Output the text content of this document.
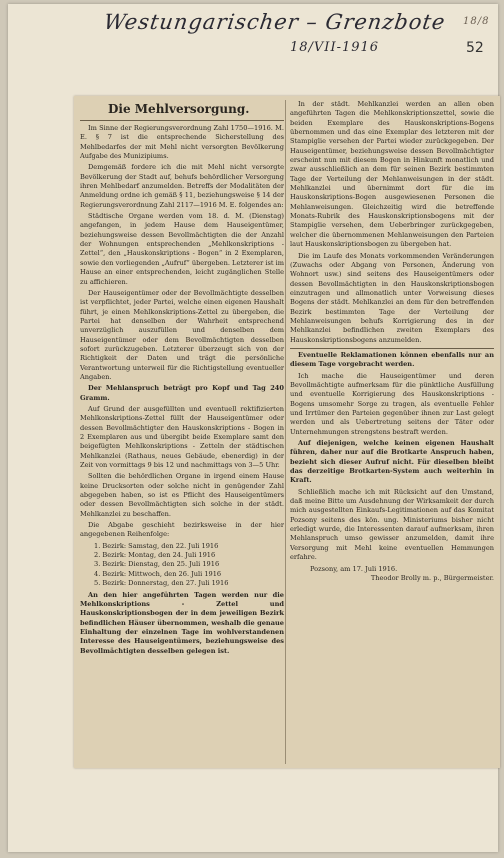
Westungarischer – Grenzbote
18/VII-1916
18/8
52
Die Mehlversorgung.

Im Sinne der Regierungsverordnung Zahl 1750—1916. M. E. § 7 ist die entsprechende Sicherstellung des Mehlbedarfes der mit Mehl nicht versorgten Bevölkerung Aufgabe des Munizipiums.

Demgemäß fordere ich die mit Mehl nicht versorgte Bevölkerung der Stadt auf, behufs behördlicher Versorgung ihren Mehlbedarf anzumelden. Betreffs der Modalitäten der Anmeldung ordne ich gemäß § 11, beziehungsweise § 14 der Regierungsverordnung Zahl 2117—1916 M. E. folgendes an:

Städtische Organe werden vom 18. d. M. (Dienstag) angefangen, in jedem Hause dem Hauseigentümer, beziehungsweise dessen Bevollmächtigten die der Anzahl der Wohnungen entsprechenden „Mehlkonskriptions - Zettel“, den „Hauskonskriptions - Bogen“ in 2 Exemplaren, sowie den vorliegenden „Aufruf“ übergeben. Letzterer ist im Hause an einer entsprechenden, leicht zugänglichen Stelle zu affichieren.

Der Hauseigentümer oder der Bevollmächtigte desselben ist verpflichtet, jeder Partei, welche einen eigenen Haushalt führt, je einen Mehlkonskriptions-Zettel zu übergeben, die Partei hat denselben der Wahrheit entsprechend unverzüglich auszufüllen und denselben dem Hauseigentümer oder dem Bevollmächtigten desselben sofort zurückzugeben. Letzterer überzeugt sich von der Richtigkeit der Daten und trägt die persönliche Verantwortung unterweil für die Richtigstellung eventueller Angaben.

Der Mehlanspruch beträgt pro Kopf und Tag 240 Gramm.

Auf Grund der ausgefüllten und eventuell rektifizierten Mehlkonskriptions-Zettel füllt der Hauseigentümer oder dessen Bevollmächtigter den Hauskonskriptions - Bogen in 2 Exemplaren aus und übergibt beide Exemplare samt den beigefügten Mehlkonskriptions - Zetteln der städtischen Mehlkanzlei (Rathaus, neues Gebäude, ebenerdig) in der Zeit von vormittags 9 bis 12 und nachmittags von 3—5 Uhr.

Sollten die behördlichen Organe in irgend einem Hause keine Drucksorten oder solche nicht in genügender Zahl abgegeben haben, so ist es Pflicht des Hauseigentümers oder dessen Bevollmächtigten sich solche in der städt. Mehlkanzlei zu beschaffen.

Die Abgabe geschieht bezirksweise in der hier angegebenen Reihenfolge:

1. Bezirk: Samstag, den 22. Juli 1916
2. Bezirk: Montag, den 24. Juli 1916
3. Bezirk: Dienstag, den 25. Juli 1916
4. Bezirk: Mittwoch, den 26. Juli 1916
5. Bezirk: Donnerstag, den 27. Juli 1916

An den hier angeführten Tagen werden nur die Mehlkonskriptions - Zettel und Hauskonskriptionsbogen der in dem jeweiligen Bezirk befindlichen Häuser übernommen, weshalb die genaue Einhaltung der einzelnen Tage im wohlverstandenen Interesse des Hauseigentümers, beziehungsweise des Bevollmächtigten desselben gelegen ist.

In der städt. Mehlkanzlei werden an allen oben angeführten Tagen die Mehlkonskriptionszettel, sowie die beiden Exemplare des Hauskonskriptions-Bogens übernommen und das eine Exemplar des letzteren mit der Stampiglie versehen der Partei wieder zurückgegeben. Der Hauseigentümer, beziehungsweise dessen Bevollmächtigter erscheint nun mit diesem Bogen in Hinkunft monatlich und zwar ausschließlich an dem für seinen Bezirk bestimmten Tage der Verteilung der Mehlanweisungen in der städt. Mehlkanzlei und übernimmt dort für die im Hauskonskriptions-Bogen ausgewiesenen Personen die Mehlanweisungen. Gleichzeitig wird die betreffende Monats-Rubrik des Hauskonskriptionsbogens mit der Stampiglie versehen, dem Ueberbringer zurückgegeben, welcher die übernommenen Mehlanweisungen den Parteien laut Hauskonskriptionsbogen zu übergeben hat.

Die im Laufe des Monats vorkommenden Veränderungen (Zuwachs oder Abgang von Personen, Änderung von Wohnort usw.) sind seitens des Hauseigentümers oder dessen Bevollmächtigten in den Hauskonskriptionsbogen einzutragen und allmonatlich unter Vorweisung dieses Bogens der städt. Mehlkanzlei an dem für den betreffenden Bezirk bestimmten Tage der Verteilung der Mehlanweisungen behufs Korrigierung des in der Mehlkanzlei befindlichen zweiten Exemplars des Hauskonskriptionsbogens anzumelden.

Eventuelle Reklamationen können ebenfalls nur an diesem Tage vorgebracht werden.

Ich mache die Hauseigentümer und deren Bevollmächtigte aufmerksam für die pünktliche Ausfüllung und eventuelle Korrigierung des Hauskonskriptions - Bogens umsomehr Sorge zu tragen, als eventuelle Fehler und Irrtümer den Parteien gegenüber ihnen zur Last gelegt werden und als Uebertretung seitens der Täter oder Unternehmungen strengstens bestraft werden.

Auf diejenigen, welche keinen eigenen Haushalt führen, daher nur auf die Brotkarte Anspruch haben, bezieht sich dieser Aufruf nicht. Für dieselben bleibt das derzeitige Brotkarten-System auch weiterhin in Kraft.

Schließlich mache ich mit Rücksicht auf den Umstand, daß meine Bitte um Ausdehnung der Wirksamkeit der durch mich ausgestellten Einkaufs-Legitimationen auf das Komitat Pozsony seitens des kön. ung. Ministeriums bisher nicht erledigt wurde, die Interessenten darauf aufmerksam, ihren Mehlanspruch umso gewisser anzumelden, damit ihre Versorgung mit Mehl keine eventuellen Hemmungen erfahre.

Pozsony, am 17. Juli 1916.
Theodor Brolly m. p., Bürgermeister.
